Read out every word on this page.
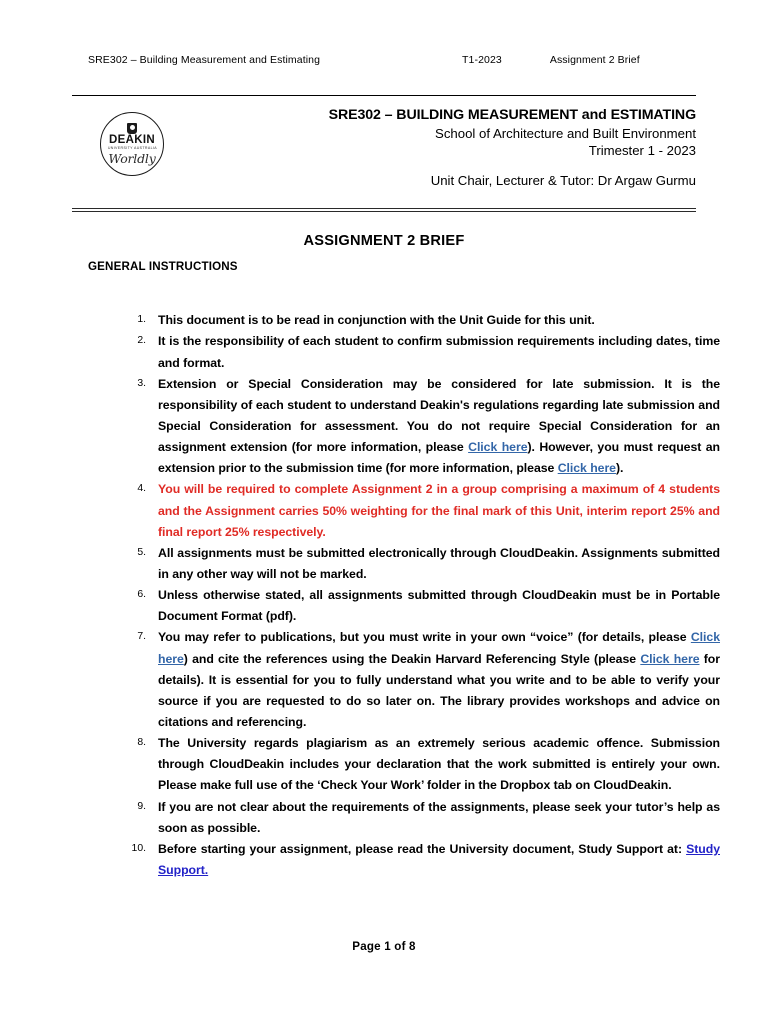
SRE302 – Building Measurement and Estimating	T1-2023	Assignment 2 Brief
DEAKIN
UNIVERSITY AUSTRALIA
Worldly
SRE302 – BUILDING MEASUREMENT and ESTIMATING
School of Architecture and Built Environment
Trimester 1 - 2023
Unit Chair, Lecturer & Tutor: Dr Argaw Gurmu
ASSIGNMENT 2 BRIEF
GENERAL INSTRUCTIONS
1. This document is to be read in conjunction with the Unit Guide for this unit.
2. It is the responsibility of each student to confirm submission requirements including dates, time and format.
3. Extension or Special Consideration may be considered for late submission. It is the responsibility of each student to understand Deakin's regulations regarding late submission and Special Consideration for assessment. You do not require Special Consideration for an assignment extension (for more information, please Click here). However, you must request an extension prior to the submission time (for more information, please Click here).
4. You will be required to complete Assignment 2 in a group comprising a maximum of 4 students and the Assignment carries 50% weighting for the final mark of this Unit, interim report 25% and final report 25% respectively.
5. All assignments must be submitted electronically through CloudDeakin. Assignments submitted in any other way will not be marked.
6. Unless otherwise stated, all assignments submitted through CloudDeakin must be in Portable Document Format (pdf).
7. You may refer to publications, but you must write in your own “voice” (for details, please Click here) and cite the references using the Deakin Harvard Referencing Style (please Click here for details). It is essential for you to fully understand what you write and to be able to verify your source if you are requested to do so later on. The library provides workshops and advice on citations and referencing.
8. The University regards plagiarism as an extremely serious academic offence. Submission through CloudDeakin includes your declaration that the work submitted is entirely your own. Please make full use of the ‘Check Your Work’ folder in the Dropbox tab on CloudDeakin.
9. If you are not clear about the requirements of the assignments, please seek your tutor’s help as soon as possible.
10. Before starting your assignment, please read the University document, Study Support at: Study Support.
Page 1 of 8
